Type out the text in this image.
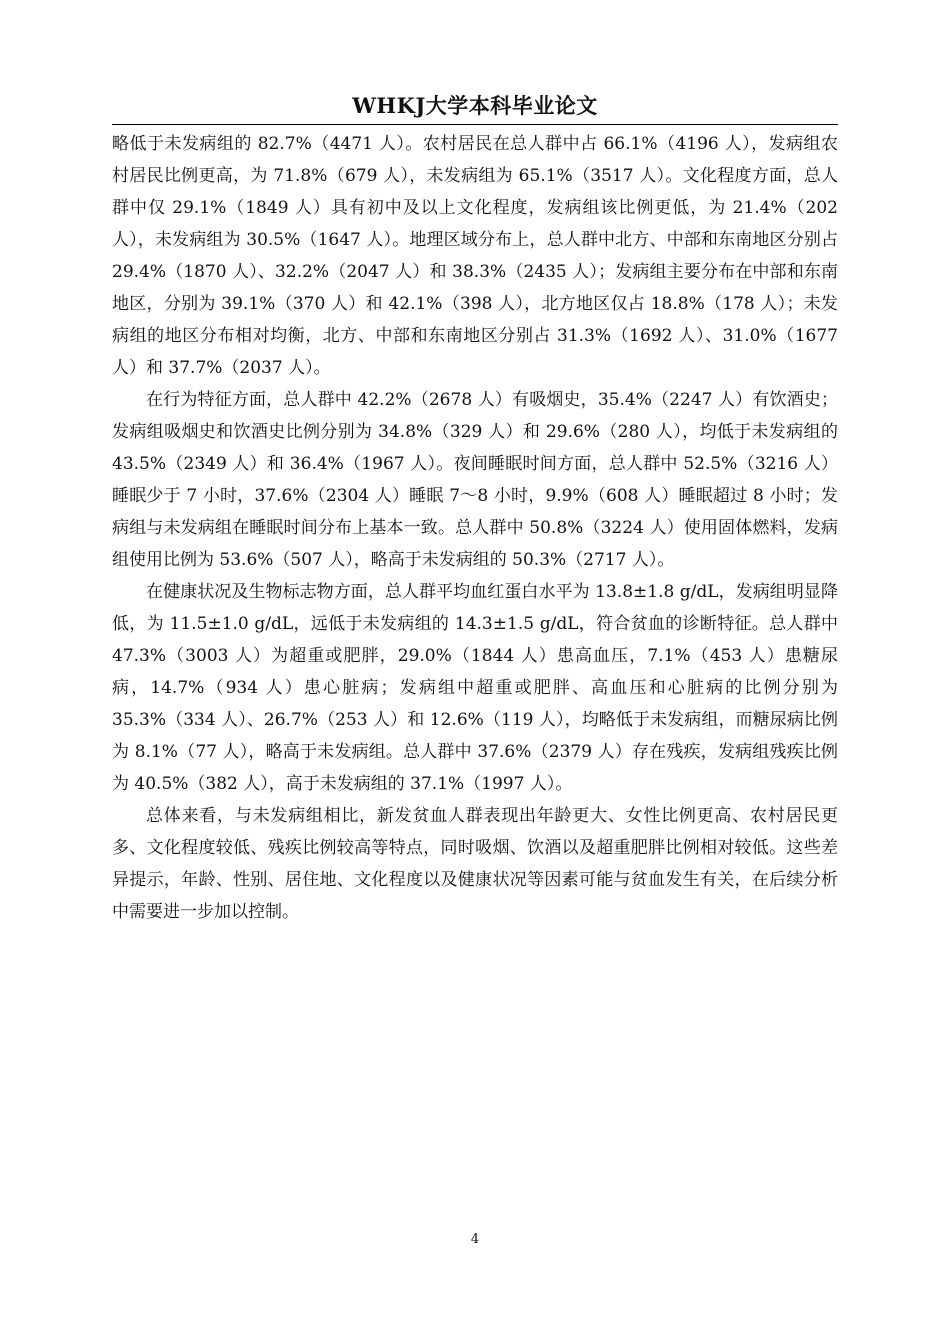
WHKJ大学本科毕业论文

略低于未发病组的 82.7%（4471 人）。农村居民在总人群中占 66.1%（4196 人），发病组农村居民比例更高，为 71.8%（679 人），未发病组为 65.1%（3517 人）。文化程度方面，总人群中仅 29.1%（1849 人）具有初中及以上文化程度，发病组该比例更低，为 21.4%（202 人），未发病组为 30.5%（1647 人）。地理区域分布上，总人群中北方、中部和东南地区分别占 29.4%（1870 人）、32.2%（2047 人）和 38.3%（2435 人）；发病组主要分布在中部和东南地区，分别为 39.1%（370 人）和 42.1%（398 人），北方地区仅占 18.8%（178 人）；未发病组的地区分布相对均衡，北方、中部和东南地区分别占 31.3%（1692 人）、31.0%（1677 人）和 37.7%（2037 人）。

在行为特征方面，总人群中 42.2%（2678 人）有吸烟史，35.4%（2247 人）有饮酒史；发病组吸烟史和饮酒史比例分别为 34.8%（329 人）和 29.6%（280 人），均低于未发病组的 43.5%（2349 人）和 36.4%（1967 人）。夜间睡眠时间方面，总人群中 52.5%（3216 人）睡眠少于 7 小时，37.6%（2304 人）睡眠 7～8 小时，9.9%（608 人）睡眠超过 8 小时；发病组与未发病组在睡眠时间分布上基本一致。总人群中 50.8%（3224 人）使用固体燃料，发病组使用比例为 53.6%（507 人），略高于未发病组的 50.3%（2717 人）。

在健康状况及生物标志物方面，总人群平均血红蛋白水平为 13.8±1.8 g/dL，发病组明显降低，为 11.5±1.0 g/dL，远低于未发病组的 14.3±1.5 g/dL，符合贫血的诊断特征。总人群中 47.3%（3003 人）为超重或肥胖，29.0%（1844 人）患高血压，7.1%（453 人）患糖尿病，14.7%（934 人）患心脏病；发病组中超重或肥胖、高血压和心脏病的比例分别为 35.3%（334 人）、26.7%（253 人）和 12.6%（119 人），均略低于未发病组，而糖尿病比例为 8.1%（77 人），略高于未发病组。总人群中 37.6%（2379 人）存在残疾，发病组残疾比例为 40.5%（382 人），高于未发病组的 37.1%（1997 人）。

总体来看，与未发病组相比，新发贫血人群表现出年龄更大、女性比例更高、农村居民更多、文化程度较低、残疾比例较高等特点，同时吸烟、饮酒以及超重肥胖比例相对较低。这些差异提示，年龄、性别、居住地、文化程度以及健康状况等因素可能与贫血发生有关，在后续分析中需要进一步加以控制。

4
